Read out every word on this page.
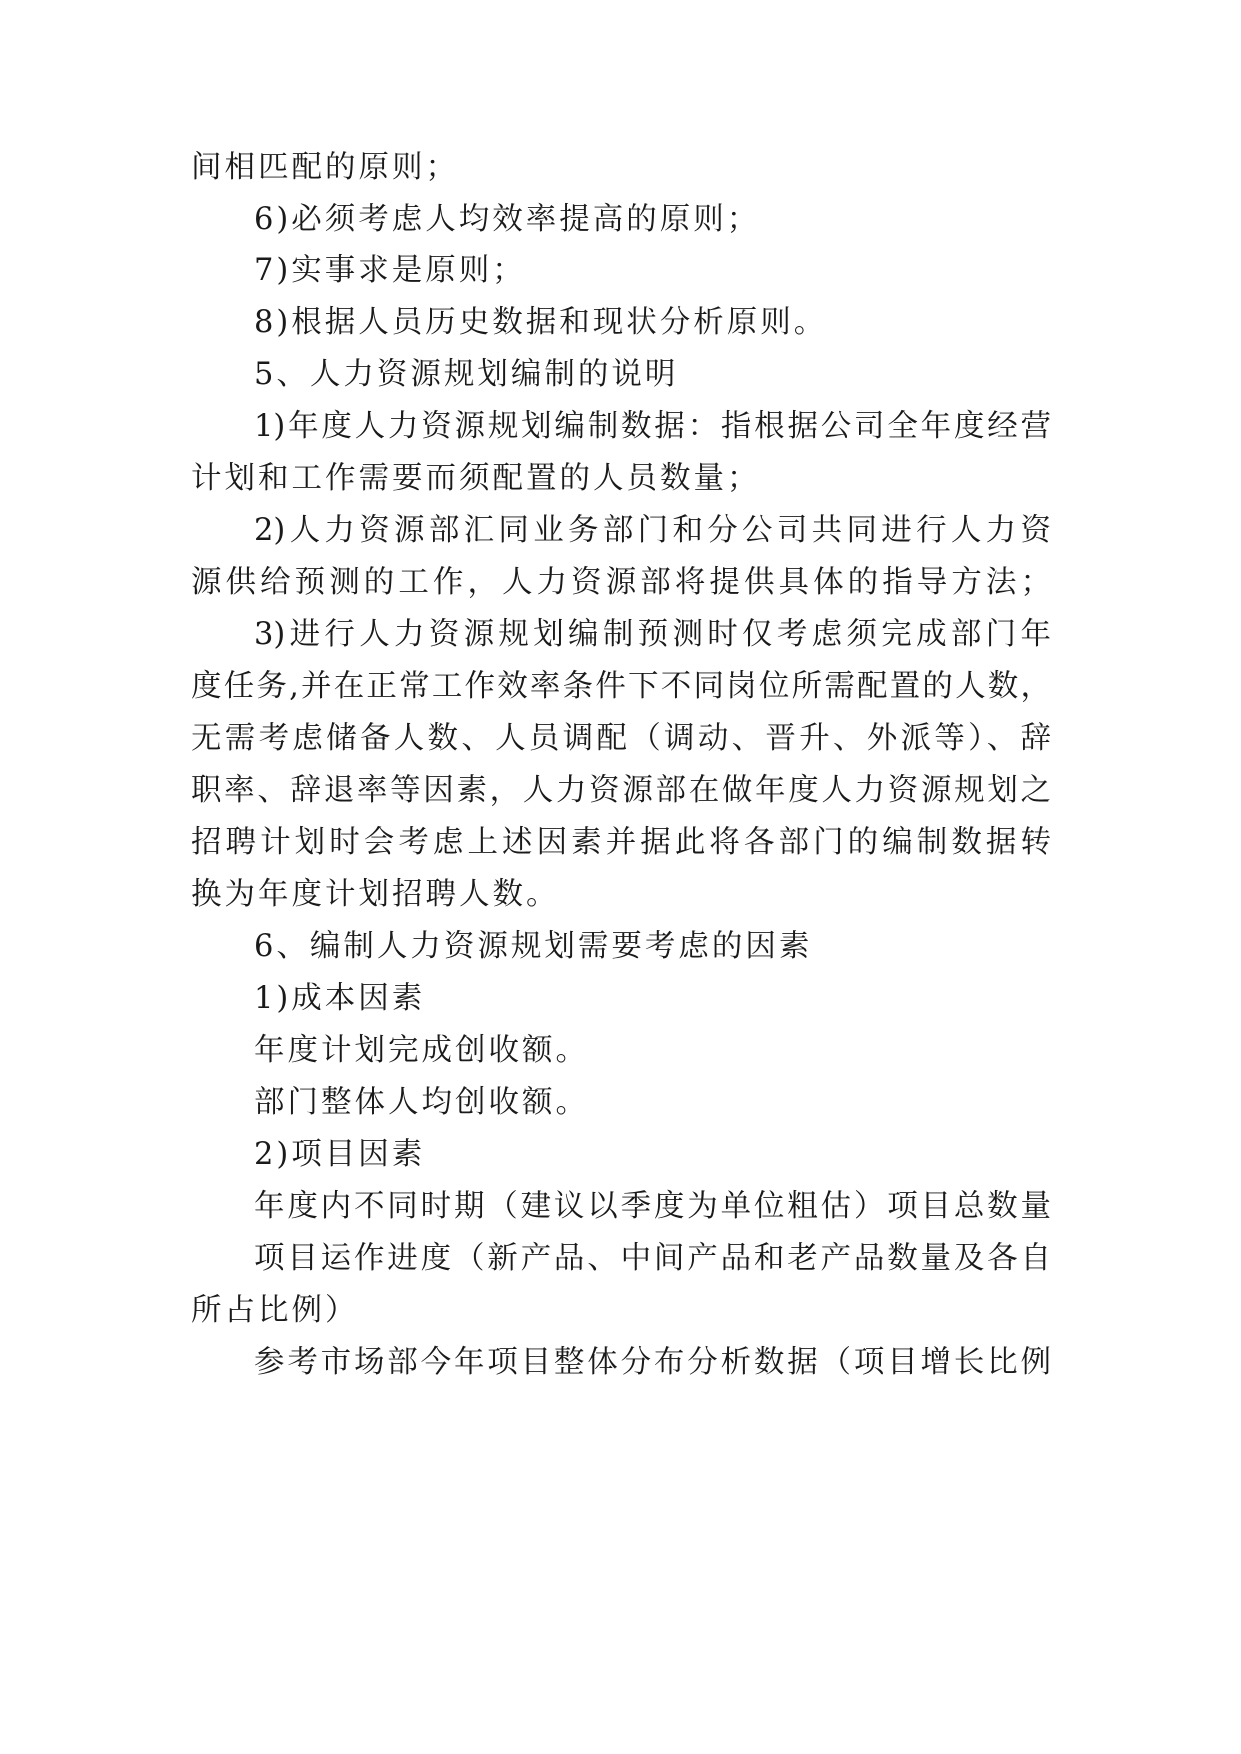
间相匹配的原则；
6)必须考虑人均效率提高的原则；
7)实事求是原则；
8)根据人员历史数据和现状分析原则。
5、人力资源规划编制的说明
1)年度人力资源规划编制数据：指根据公司全年度经营
计划和工作需要而须配置的人员数量；
2)人力资源部汇同业务部门和分公司共同进行人力资
源供给预测的工作，人力资源部将提供具体的指导方法；
3)进行人力资源规划编制预测时仅考虑须完成部门年
度任务,并在正常工作效率条件下不同岗位所需配置的人数，
无需考虑储备人数、人员调配（调动、晋升、外派等）、辞
职率、辞退率等因素，人力资源部在做年度人力资源规划之
招聘计划时会考虑上述因素并据此将各部门的编制数据转
换为年度计划招聘人数。
6、编制人力资源规划需要考虑的因素
1)成本因素
年度计划完成创收额。
部门整体人均创收额。
2)项目因素
年度内不同时期（建议以季度为单位粗估）项目总数量
项目运作进度（新产品、中间产品和老产品数量及各自
所占比例）
参考市场部今年项目整体分布分析数据（项目增长比例
